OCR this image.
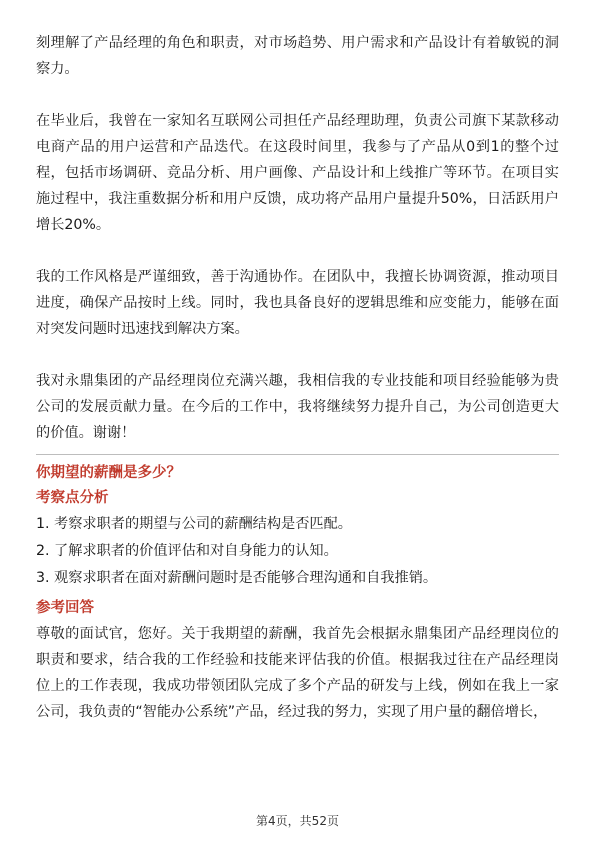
刻理解了产品经理的角色和职责，对市场趋势、用户需求和产品设计有着敏锐的洞察力。

在毕业后，我曾在一家知名互联网公司担任产品经理助理，负责公司旗下某款移动电商产品的用户运营和产品迭代。在这段时间里，我参与了产品从0到1的整个过程，包括市场调研、竞品分析、用户画像、产品设计和上线推广等环节。在项目实施过程中，我注重数据分析和用户反馈，成功将产品用户量提升50%，日活跃用户增长20%。

我的工作风格是严谨细致，善于沟通协作。在团队中，我擅长协调资源，推动项目进度，确保产品按时上线。同时，我也具备良好的逻辑思维和应变能力，能够在面对突发问题时迅速找到解决方案。

我对永鼎集团的产品经理岗位充满兴趣，我相信我的专业技能和项目经验能够为贵公司的发展贡献力量。在今后的工作中，我将继续努力提升自己，为公司创造更大的价值。谢谢！

你期望的薪酬是多少？

考察点分析

1. 考察求职者的期望与公司的薪酬结构是否匹配。
2. 了解求职者的价值评估和对自身能力的认知。
3. 观察求职者在面对薪酬问题时是否能够合理沟通和自我推销。

参考回答

尊敬的面试官，您好。关于我期望的薪酬，我首先会根据永鼎集团产品经理岗位的职责和要求，结合我的工作经验和技能来评估我的价值。根据我过往在产品经理岗位上的工作表现，我成功带领团队完成了多个产品的研发与上线，例如在我上一家公司，我负责的“智能办公系统”产品，经过我的努力，实现了用户量的翻倍增长，

第4页，共52页
